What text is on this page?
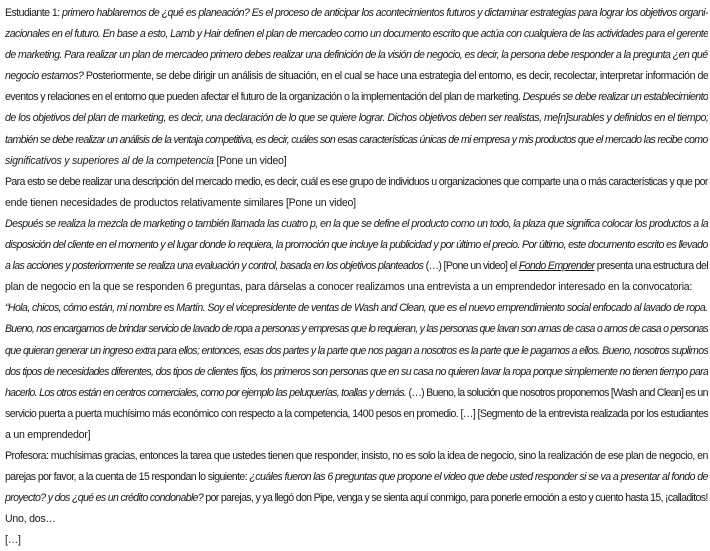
Estudiante 1: primero hablaremos de ¿qué es planeación? Es el proceso de anticipar los acontecimientos futuros y dictaminar estrategias para lograr los objetivos organi-
zacionales en el futuro. En base a esto, Lamb y Hair definen el plan de mercadeo como un documento escrito que actúa con cualquiera de las actividades para el gerente
de marketing. Para realizar un plan de mercadeo primero debes realizar una definición de la visión de negocio, es decir, la persona debe responder a la pregunta ¿en qué
negocio estamos? Posteriormente, se debe dirigir un análisis de situación, en el cual se hace una estrategia del entorno, es decir, recolectar, interpretar información de
eventos y relaciones en el entorno que pueden afectar el futuro de la organización o la implementación del plan de marketing. Después se debe realizar un establecimiento
de los objetivos del plan de marketing, es decir, una declaración de lo que se quiere lograr. Dichos objetivos deben ser realistas, me[n]surables y definidos en el tiempo;
también se debe realizar un análisis de la ventaja competitiva, es decir, cuáles son esas características únicas de mi empresa y mis productos que el mercado las recibe como
significativos y superiores al de la competencia [Pone un video]
Para esto se debe realizar una descripción del mercado medio, es decir, cuál es ese grupo de individuos u organizaciones que comparte una o más características y que por
ende tienen necesidades de productos relativamente similares [Pone un video]
Después se realiza la mezcla de marketing o también llamada las cuatro p, en la que se define el producto como un todo, la plaza que significa colocar los productos a la
disposición del cliente en el momento y el lugar donde lo requiera, la promoción que incluye la publicidad y por último el precio. Por último, este documento escrito es llevado
a las acciones y posteriormente se realiza una evaluación y control, basada en los objetivos planteados (…) [Pone un video] el Fondo Emprender presenta una estructura del
plan de negocio en la que se responden 6 preguntas, para dárselas a conocer realizamos una entrevista a un emprendedor interesado en la convocatoria:
“Hola, chicos, cómo están, mi nombre es Martín. Soy el vicepresidente de ventas de Wash and Clean, que es el nuevo emprendimiento social enfocado al lavado de ropa.
Bueno, nos encargamos de brindar servicio de lavado de ropa a personas y empresas que lo requieran, y las personas que lavan son amas de casa o amos de casa o personas
que quieran generar un ingreso extra para ellos; entonces, esas dos partes y la parte que nos pagan a nosotros es la parte que le pagamos a ellos. Bueno, nosotros suplimos
dos tipos de necesidades diferentes, dos tipos de clientes fijos, los primeros son personas que en su casa no quieren lavar la ropa porque simplemente no tienen tiempo para
hacerlo. Los otros están en centros comerciales, como por ejemplo las peluquerías, toallas y demás. (…) Bueno, la solución que nosotros proponemos [Wash and Clean] es un
servicio puerta a puerta muchísimo más económico con respecto a la competencia, 1400 pesos en promedio. […] [Segmento de la entrevista realizada por los estudiantes
a un emprendedor]
Profesora: muchísimas gracias, entonces la tarea que ustedes tienen que responder, insisto, no es solo la idea de negocio, sino la realización de ese plan de negocio, en
parejas por favor, a la cuenta de 15 respondan lo siguiente: ¿cuáles fueron las 6 preguntas que propone el video que debe usted responder si se va a presentar al fondo de
proyecto? y dos ¿qué es un crédito condonable? por parejas, y ya llegó don Pipe, venga y se sienta aquí conmigo, para ponerle emoción a esto y cuento hasta 15, ¡calladitos!
Uno, dos…
[…]
